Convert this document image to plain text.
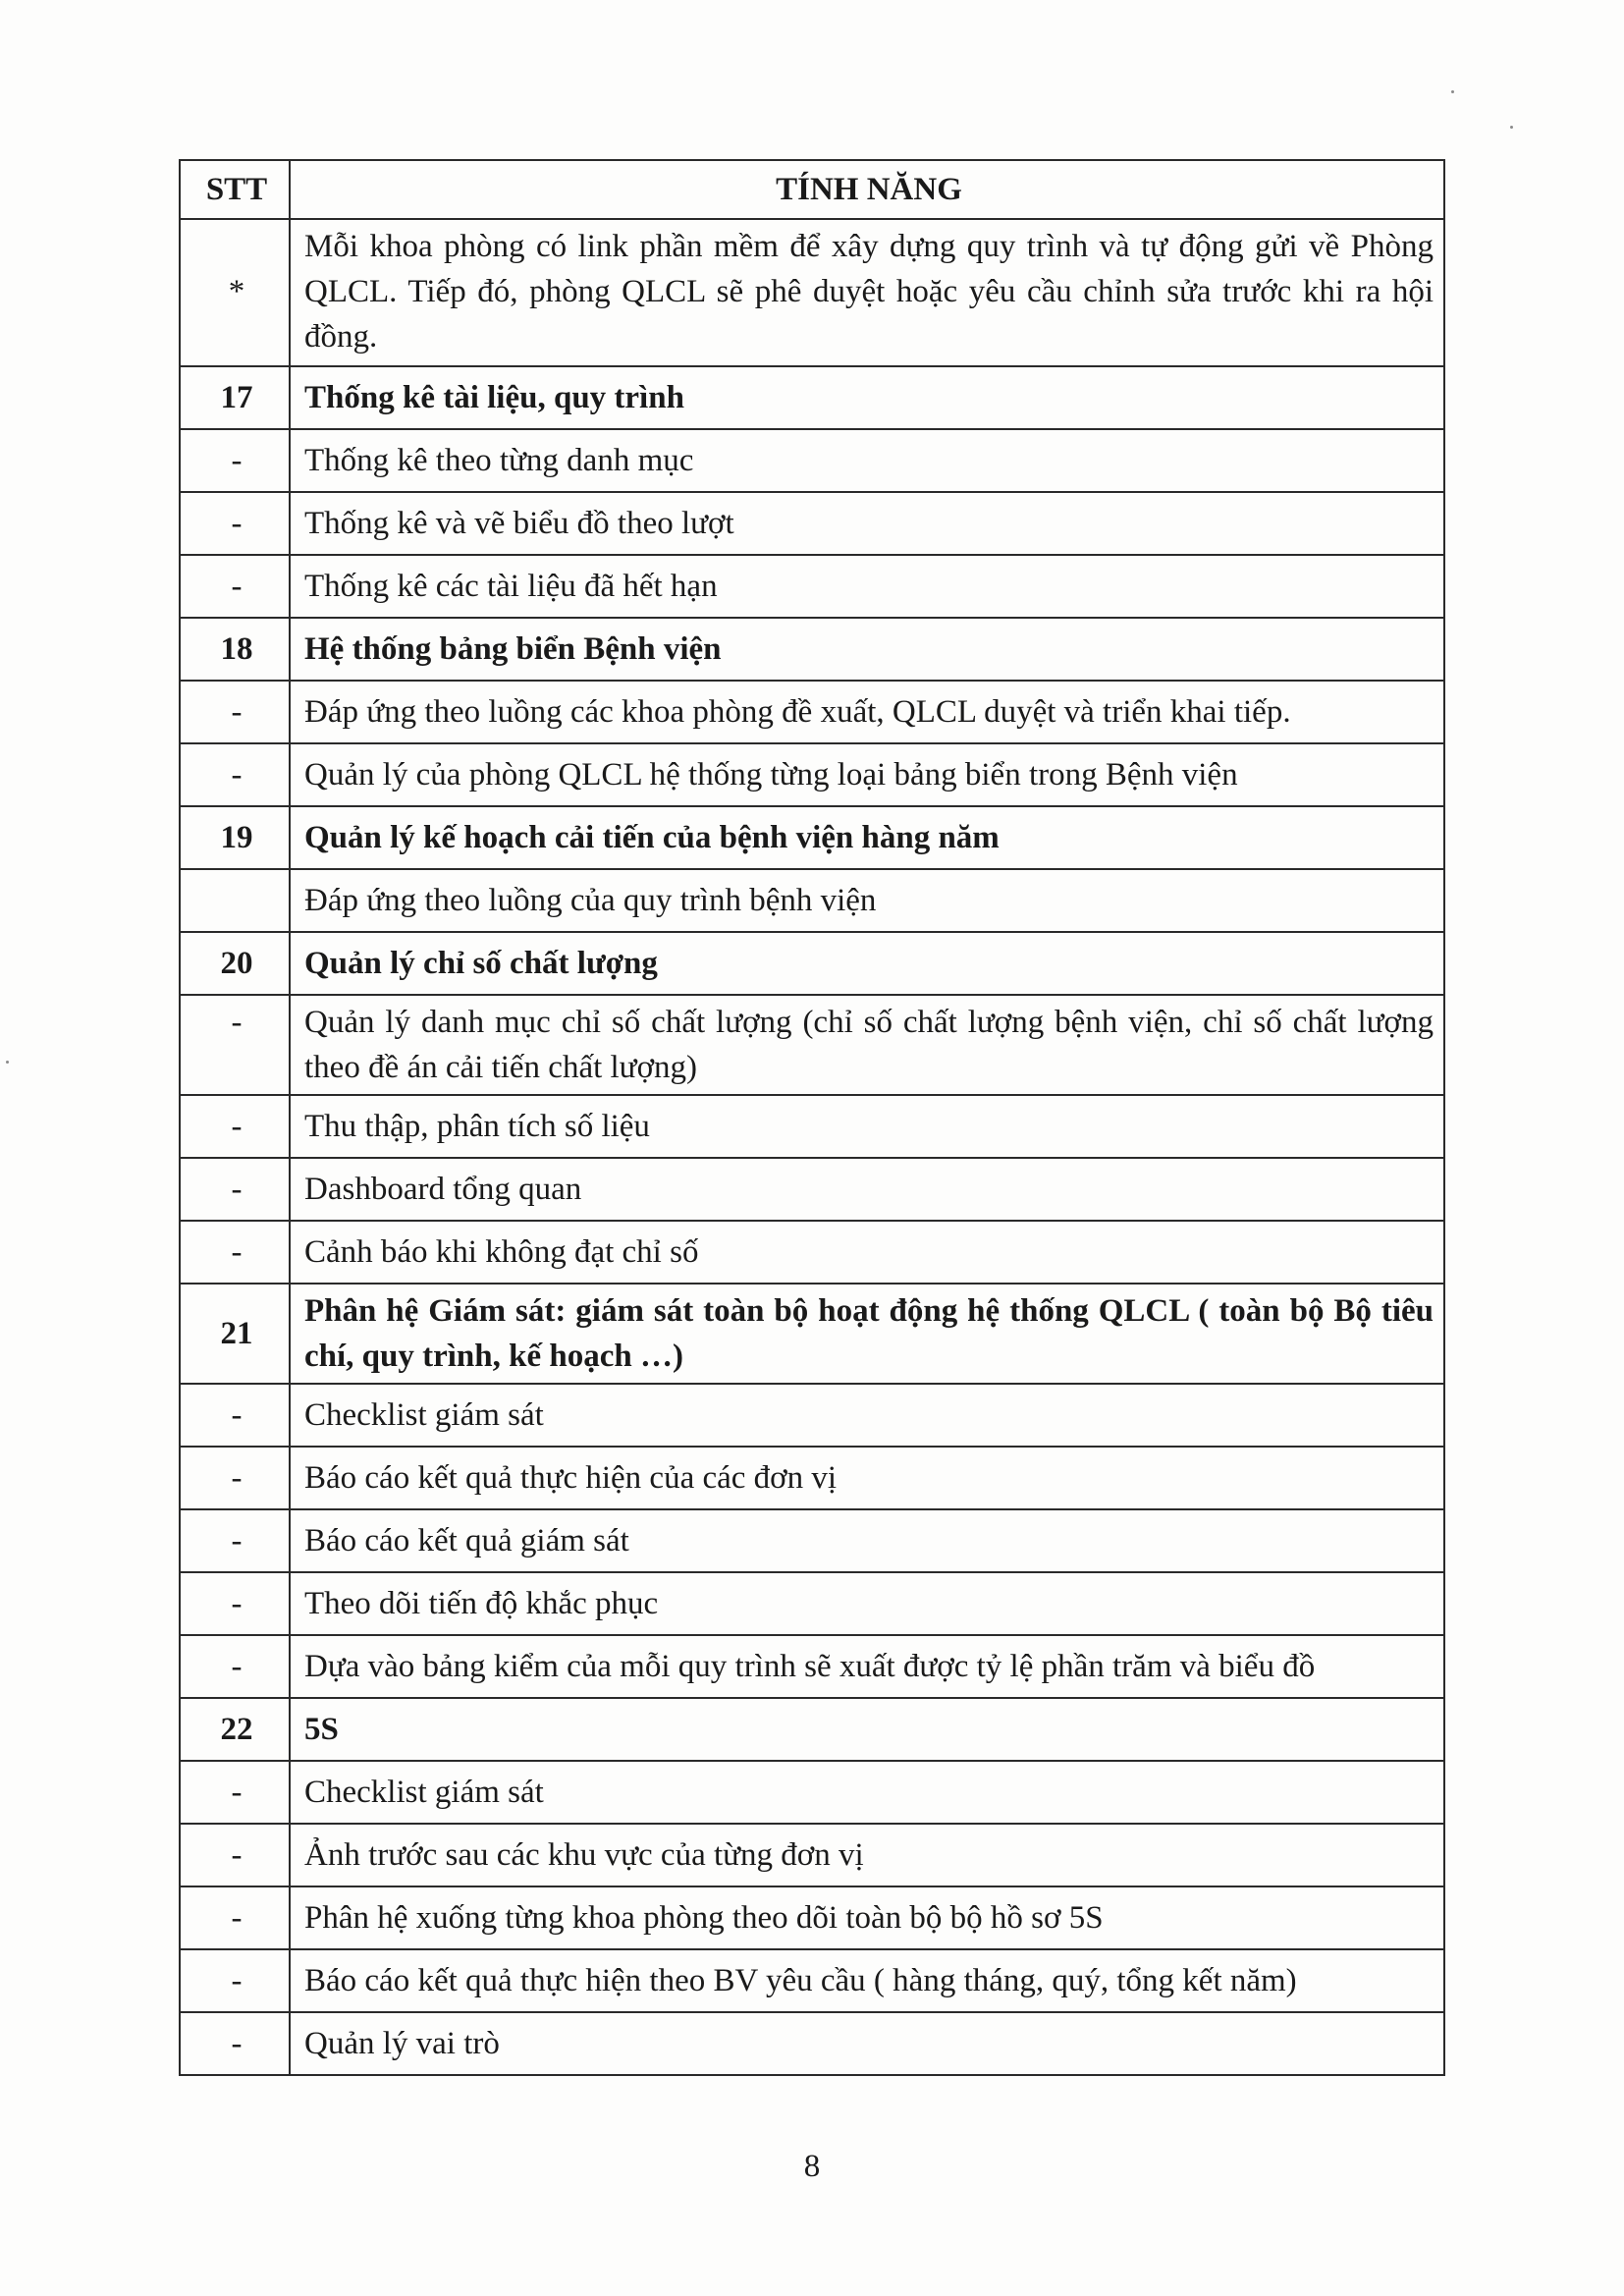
STT	TÍNH NĂNG
*	Mỗi khoa phòng có link phần mềm để xây dựng quy trình và tự động gửi về Phòng QLCL. Tiếp đó, phòng QLCL sẽ phê duyệt hoặc yêu cầu chỉnh sửa trước khi ra hội đồng.
17	Thống kê tài liệu, quy trình
-	Thống kê theo từng danh mục
-	Thống kê và vẽ biểu đồ theo lượt
-	Thống kê các tài liệu đã hết hạn
18	Hệ thống bảng biển Bệnh viện
-	Đáp ứng theo luồng các khoa phòng đề xuất, QLCL duyệt và triển khai tiếp.
-	Quản lý của phòng QLCL hệ thống từng loại bảng biển trong Bệnh viện
19	Quản lý kế hoạch cải tiến của bệnh viện hàng năm
	Đáp ứng theo luồng của quy trình bệnh viện
20	Quản lý chỉ số chất lượng
-	Quản lý danh mục chỉ số chất lượng (chỉ số chất lượng bệnh viện, chỉ số chất lượng theo đề án cải tiến chất lượng)
-	Thu thập, phân tích số liệu
-	Dashboard tổng quan
-	Cảnh báo khi không đạt chỉ số
21	Phân hệ Giám sát: giám sát toàn bộ hoạt động hệ thống QLCL ( toàn bộ Bộ tiêu chí, quy trình, kế hoạch …)
-	Checklist giám sát
-	Báo cáo kết quả thực hiện của các đơn vị
-	Báo cáo kết quả giám sát
-	Theo dõi tiến độ khắc phục
-	Dựa vào bảng kiểm của mỗi quy trình sẽ xuất được tỷ lệ phần trăm và biểu đồ
22	5S
-	Checklist giám sát
-	Ảnh trước sau các khu vực của từng đơn vị
-	Phân hệ xuống từng khoa phòng theo dõi toàn bộ bộ hồ sơ 5S
-	Báo cáo kết quả thực hiện theo BV yêu cầu ( hàng tháng, quý, tổng kết năm)
-	Quản lý vai trò
8
